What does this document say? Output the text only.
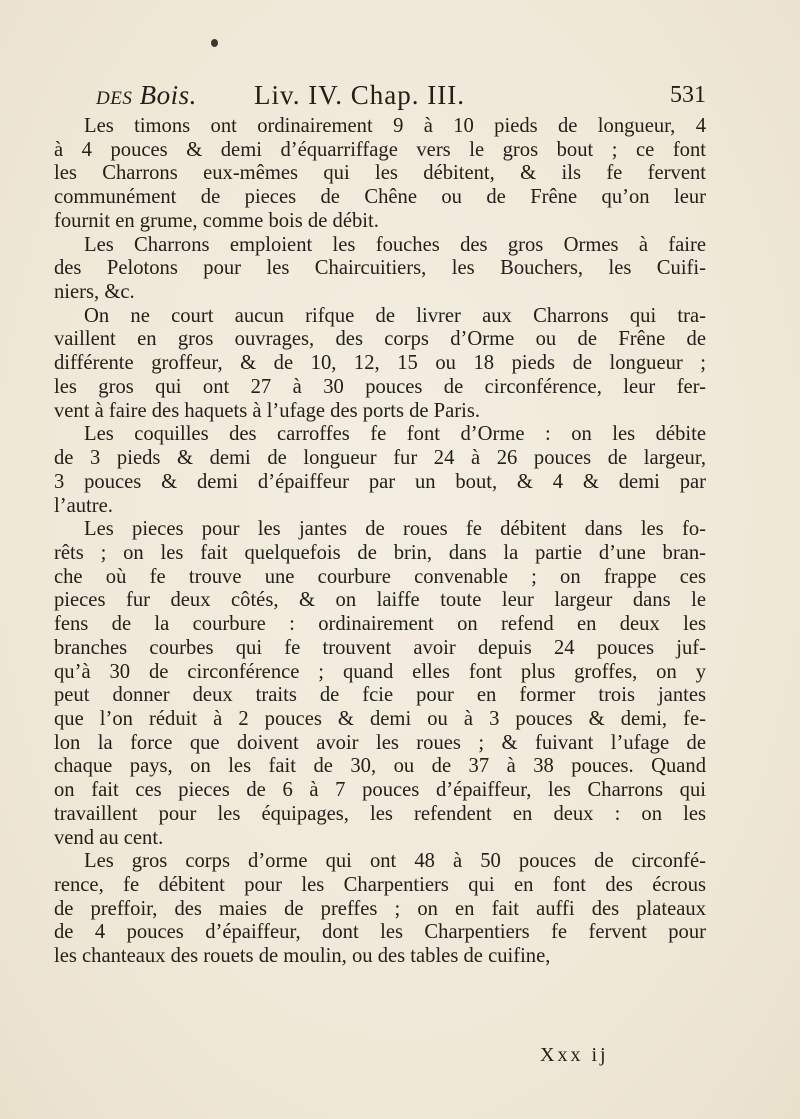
des Bois. Liv. IV. Chap. III.	531

Les timons ont ordinairement 9 à 10 pieds de longueur, 4
à 4 pouces & demi d’équarriffage vers le gros bout ; ce font
les Charrons eux-mêmes qui les débitent, & ils fe fervent
communément de pieces de Chêne ou de Frêne qu’on leur
fournit en grume, comme bois de débit.

Les Charrons emploient les fouches des gros Ormes à faire
des Pelotons pour les Chaircuitiers, les Bouchers, les Cuifi-
niers, &c.

On ne court aucun rifque de livrer aux Charrons qui tra-
vaillent en gros ouvrages, des corps d’Orme ou de Frêne de
différente groffeur, & de 10, 12, 15 ou 18 pieds de longueur ;
les gros qui ont 27 à 30 pouces de circonférence, leur fer-
vent à faire des haquets à l’ufage des ports de Paris.

Les coquilles des carroffes fe font d’Orme : on les débite
de 3 pieds & demi de longueur fur 24 à 26 pouces de largeur,
3 pouces & demi d’épaiffeur par un bout, & 4 & demi par
l’autre.

Les pieces pour les jantes de roues fe débitent dans les fo-
rêts ; on les fait quelquefois de brin, dans la partie d’une bran-
che où fe trouve une courbure convenable ; on frappe ces
pieces fur deux côtés, & on laiffe toute leur largeur dans le
fens de la courbure : ordinairement on refend en deux les
branches courbes qui fe trouvent avoir depuis 24 pouces juf-
qu’à 30 de circonférence ; quand elles font plus groffes, on y
peut donner deux traits de fcie pour en former trois jantes
que l’on réduit à 2 pouces & demi ou à 3 pouces & demi, fe-
lon la force que doivent avoir les roues ; & fuivant l’ufage de
chaque pays, on les fait de 30, ou de 37 à 38 pouces. Quand
on fait ces pieces de 6 à 7 pouces d’épaiffeur, les Charrons qui
travaillent pour les équipages, les refendent en deux : on les
vend au cent.

Les gros corps d’orme qui ont 48 à 50 pouces de circonfé-
rence, fe débitent pour les Charpentiers qui en font des écrous
de preffoir, des maies de preffes ; on en fait auffi des plateaux
de 4 pouces d’épaiffeur, dont les Charpentiers fe fervent pour
les chanteaux des rouets de moulin, ou des tables de cuifine,

Xxx ij
